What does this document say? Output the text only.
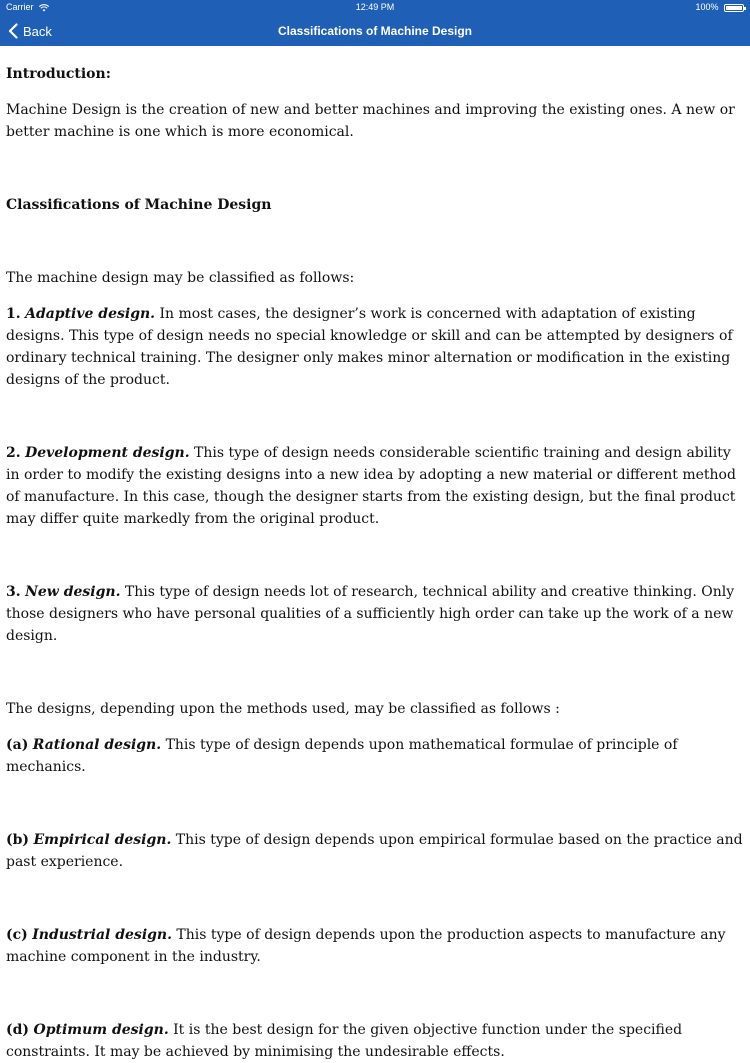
Carrier	12:49 PM	100%
Back	Classifications of Machine Design

Introduction:

Machine Design is the creation of new and better machines and improving the existing ones. A new or better machine is one which is more economical.

Classifications of Machine Design

The machine design may be classified as follows:

1. Adaptive design. In most cases, the designer’s work is concerned with adaptation of existing designs. This type of design needs no special knowledge or skill and can be attempted by designers of ordinary technical training. The designer only makes minor alternation or modification in the existing designs of the product.

2. Development design. This type of design needs considerable scientific training and design ability in order to modify the existing designs into a new idea by adopting a new material or different method of manufacture. In this case, though the designer starts from the existing design, but the final product may differ quite markedly from the original product.

3. New design. This type of design needs lot of research, technical ability and creative thinking. Only those designers who have personal qualities of a sufficiently high order can take up the work of a new design.

The designs, depending upon the methods used, may be classified as follows :

(a) Rational design. This type of design depends upon mathematical formulae of principle of mechanics.

(b) Empirical design. This type of design depends upon empirical formulae based on the practice and past experience.

(c) Industrial design. This type of design depends upon the production aspects to manufacture any machine component in the industry.

(d) Optimum design. It is the best design for the given objective function under the specified constraints. It may be achieved by minimising the undesirable effects.
